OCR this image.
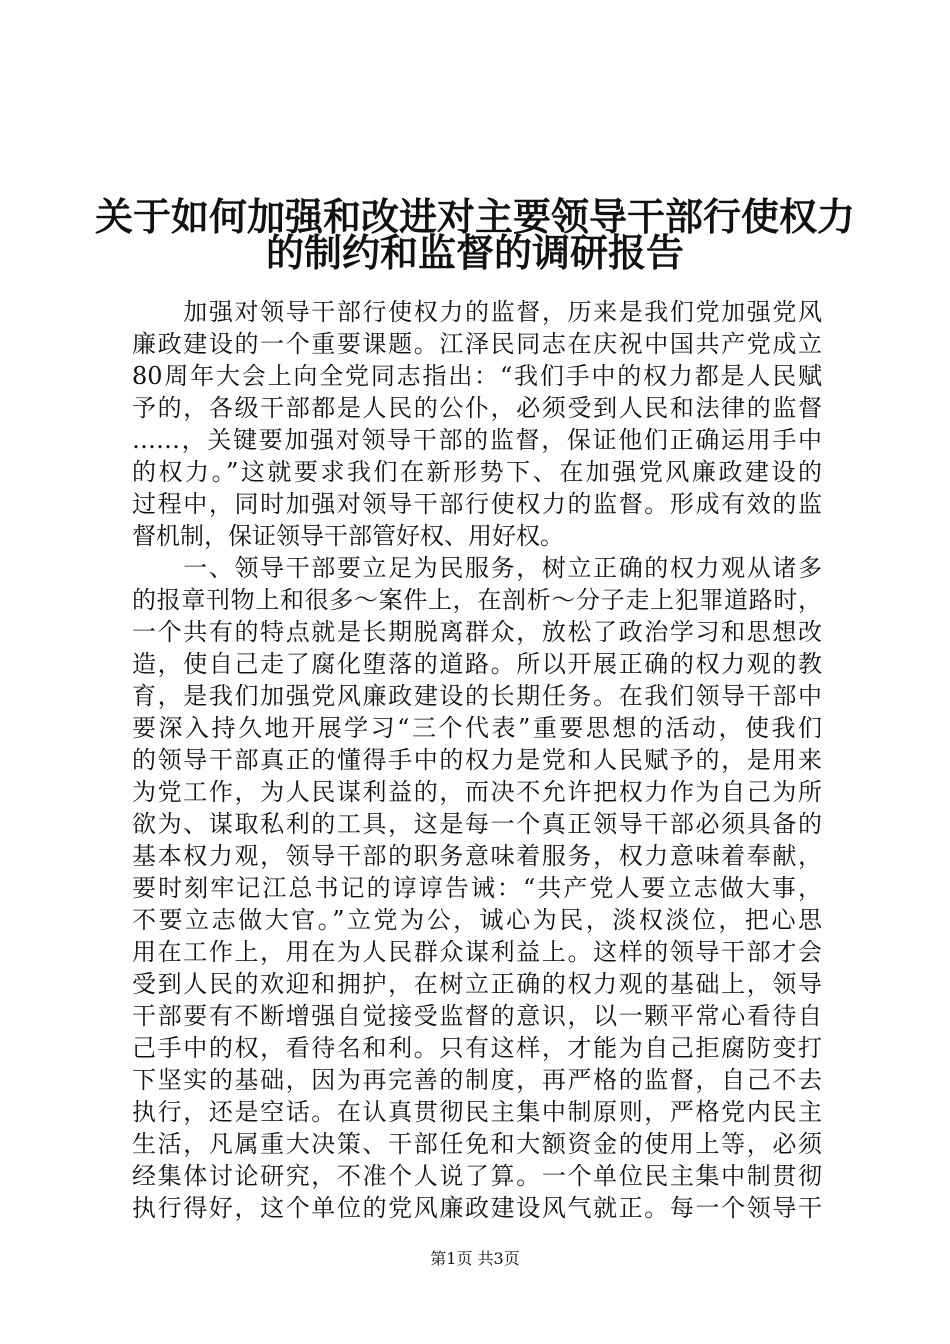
关于如何加强和改进对主要领导干部行使权力
的制约和监督的调研报告
　　加强对领导干部行使权力的监督，历来是我们党加强党风
廉政建设的一个重要课题。江泽民同志在庆祝中国共产党成立
80周年大会上向全党同志指出：“我们手中的权力都是人民赋
予的，各级干部都是人民的公仆，必须受到人民和法律的监督
……，关键要加强对领导干部的监督，保证他们正确运用手中
的权力。”这就要求我们在新形势下、在加强党风廉政建设的
过程中，同时加强对领导干部行使权力的监督。形成有效的监
督机制，保证领导干部管好权、用好权。
　　一、领导干部要立足为民服务，树立正确的权力观从诸多
的报章刊物上和很多～案件上，在剖析～分子走上犯罪道路时，
一个共有的特点就是长期脱离群众，放松了政治学习和思想改
造，使自己走了腐化堕落的道路。所以开展正确的权力观的教
育，是我们加强党风廉政建设的长期任务。在我们领导干部中
要深入持久地开展学习“三个代表”重要思想的活动，使我们
的领导干部真正的懂得手中的权力是党和人民赋予的，是用来
为党工作，为人民谋利益的，而决不允许把权力作为自己为所
欲为、谋取私利的工具，这是每一个真正领导干部必须具备的
基本权力观，领导干部的职务意味着服务，权力意味着奉献，
要时刻牢记江总书记的谆谆告诫：“共产党人要立志做大事，
不要立志做大官。”立党为公，诚心为民，淡权淡位，把心思
用在工作上，用在为人民群众谋利益上。这样的领导干部才会
受到人民的欢迎和拥护，在树立正确的权力观的基础上，领导
干部要有不断增强自觉接受监督的意识，以一颗平常心看待自
己手中的权，看待名和利。只有这样，才能为自己拒腐防变打
下坚实的基础，因为再完善的制度，再严格的监督，自己不去
执行，还是空话。在认真贯彻民主集中制原则，严格党内民主
生活，凡属重大决策、干部任免和大额资金的使用上等，必须
经集体讨论研究，不准个人说了算。一个单位民主集中制贯彻
执行得好，这个单位的党风廉政建设风气就正。每一个领导干
第1页 共3页
